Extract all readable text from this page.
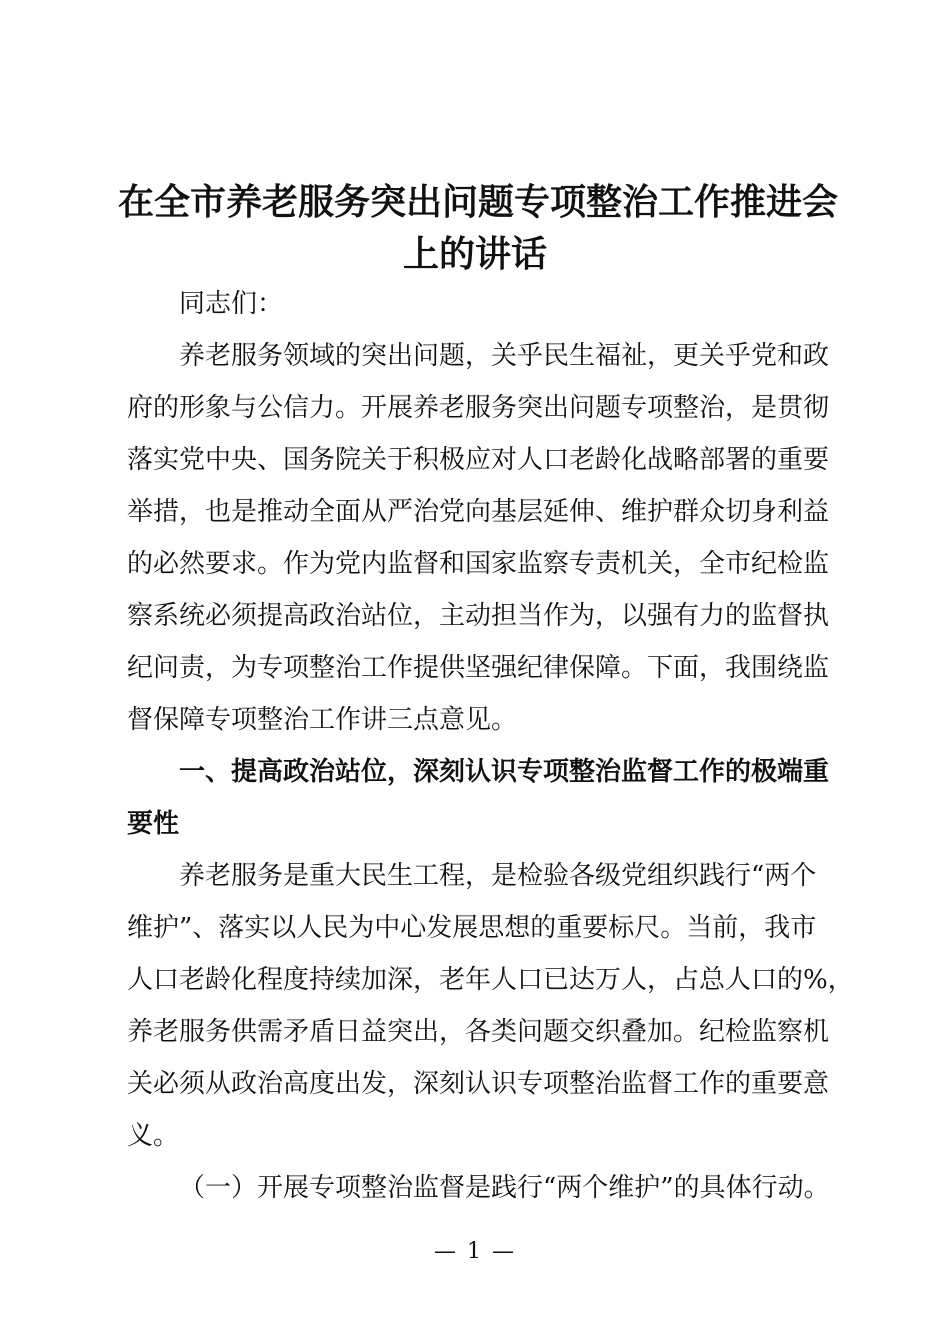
在全市养老服务突出问题专项整治工作推进会
上的讲话

同志们：

养老服务领域的突出问题，关乎民生福祉，更关乎党和政
府的形象与公信力。开展养老服务突出问题专项整治，是贯彻
落实党中央、国务院关于积极应对人口老龄化战略部署的重要
举措，也是推动全面从严治党向基层延伸、维护群众切身利益
的必然要求。作为党内监督和国家监察专责机关，全市纪检监
察系统必须提高政治站位，主动担当作为，以强有力的监督执
纪问责，为专项整治工作提供坚强纪律保障。下面，我围绕监
督保障专项整治工作讲三点意见。

一、提高政治站位，深刻认识专项整治监督工作的极端重
要性

养老服务是重大民生工程，是检验各级党组织践行“两个
维护”、落实以人民为中心发展思想的重要标尺。当前，我市
人口老龄化程度持续加深，老年人口已达万人，占总人口的%，
养老服务供需矛盾日益突出，各类问题交织叠加。纪检监察机
关必须从政治高度出发，深刻认识专项整治监督工作的重要意
义。

（一）开展专项整治监督是践行“两个维护”的具体行动。

— 1 —
